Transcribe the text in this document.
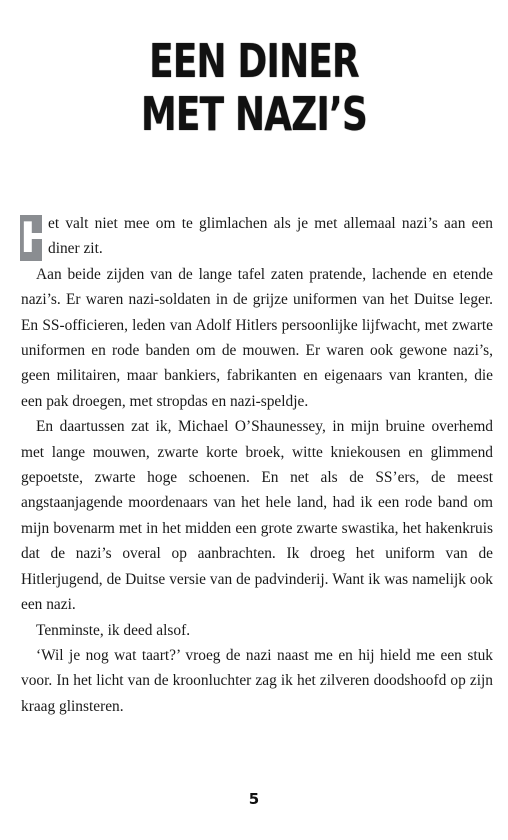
EEN DINER
MET NAZI’S

H
et valt niet mee om te glimlachen als je met allemaal nazi’s aan een diner zit.

Aan beide zijden van de lange tafel zaten pratende, lachende en etende nazi’s. Er waren nazi-soldaten in de grijze uniformen van het Duitse leger. En SS-officieren, leden van Adolf Hitlers persoonlijke lijfwacht, met zwarte uniformen en rode banden om de mouwen. Er waren ook gewone nazi’s, geen militairen, maar bankiers, fabrikanten en eigenaars van kranten, die een pak droegen, met stropdas en nazi-speldje.

En daartussen zat ik, Michael O’Shaunessey, in mijn bruine overhemd met lange mouwen, zwarte korte broek, witte kniekousen en glimmend gepoetste, zwarte hoge schoenen. En net als de SS’ers, de meest angstaanjagende moordenaars van het hele land, had ik een rode band om mijn bovenarm met in het midden een grote zwarte swastika, het hakenkruis dat de nazi’s overal op aanbrachten. Ik droeg het uniform van de Hitlerjugend, de Duitse versie van de padvinderij. Want ik was namelijk ook een nazi.

Tenminste, ik deed alsof.

‘Wil je nog wat taart?’ vroeg de nazi naast me en hij hield me een stuk voor. In het licht van de kroonluchter zag ik het zilveren doodshoofd op zijn kraag glinsteren.

5
